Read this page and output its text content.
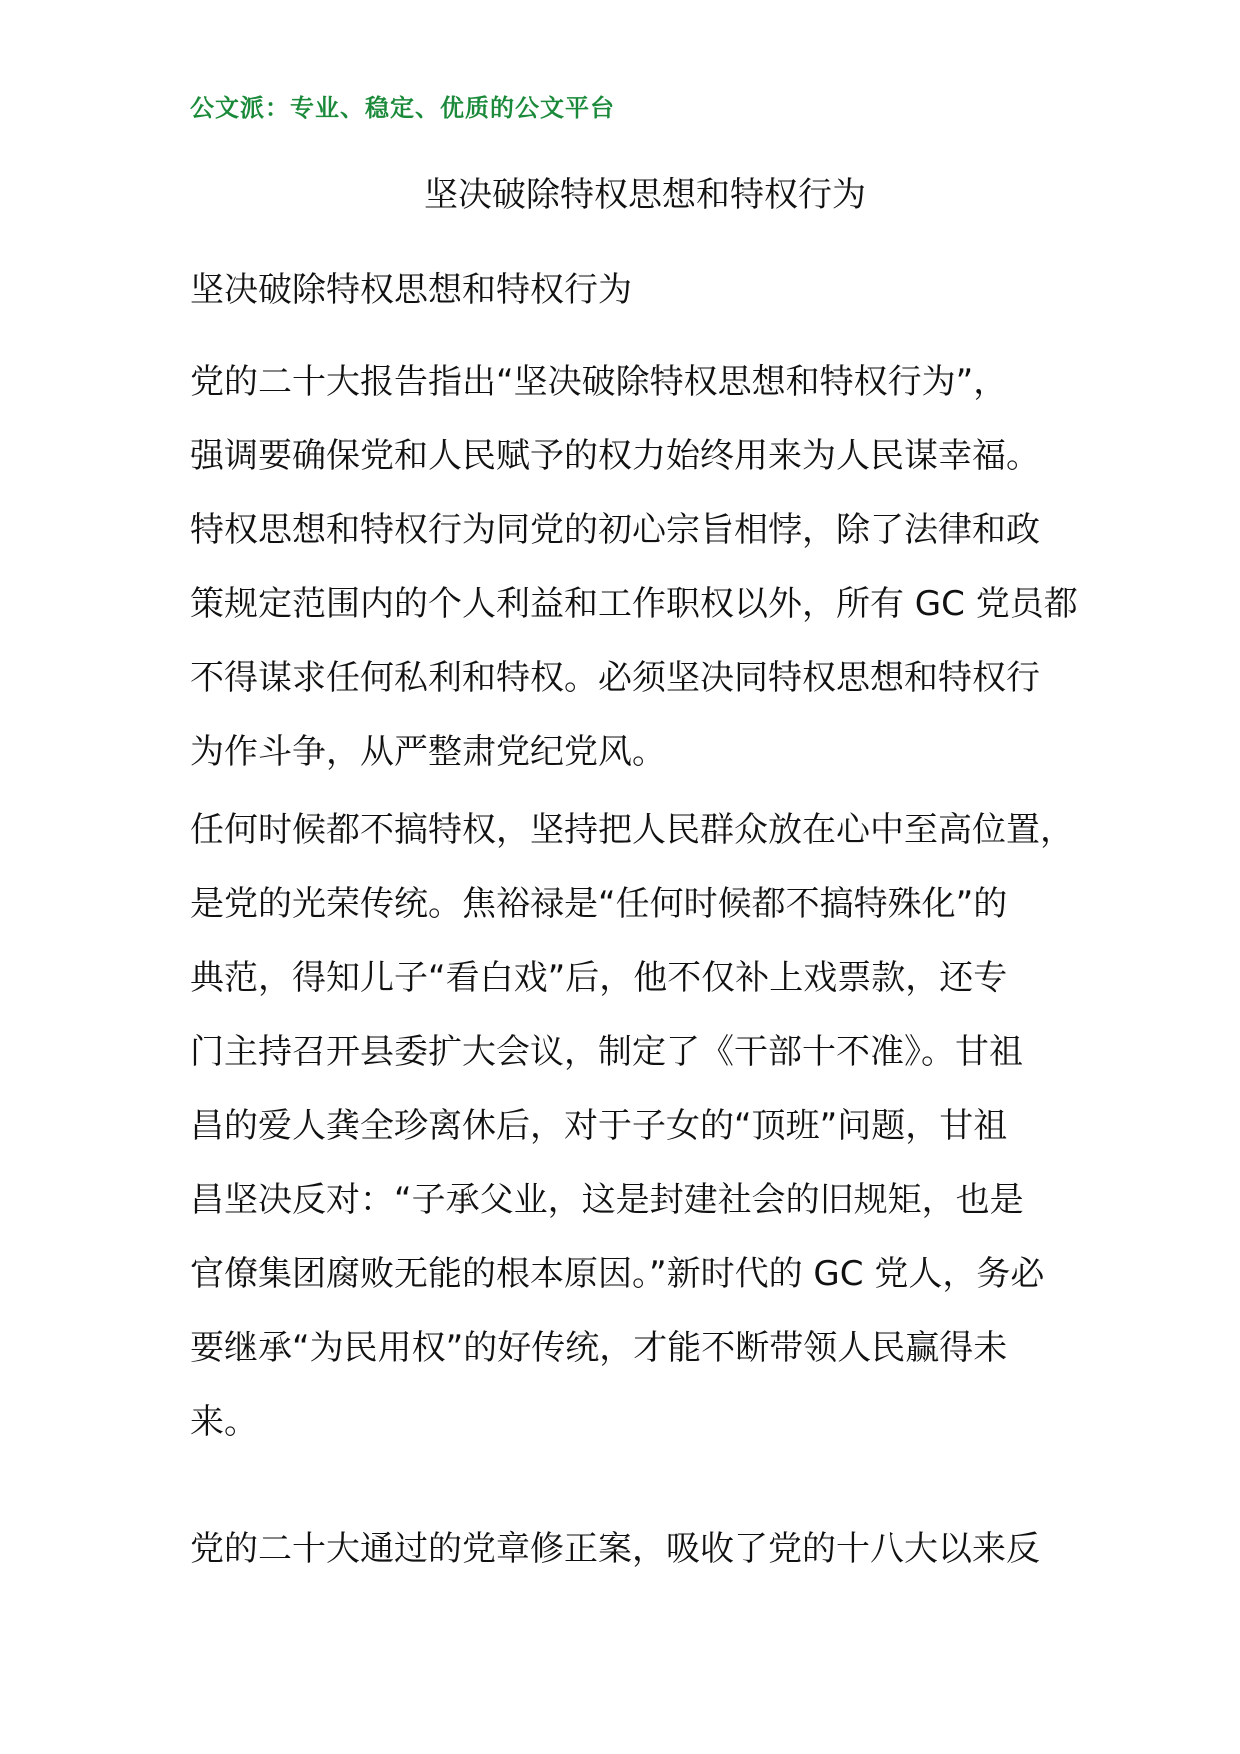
公文派：专业、稳定、优质的公文平台
坚决破除特权思想和特权行为
坚决破除特权思想和特权行为
党的二十大报告指出“坚决破除特权思想和特权行为”，
强调要确保党和人民赋予的权力始终用来为人民谋幸福。
特权思想和特权行为同党的初心宗旨相悖，除了法律和政
策规定范围内的个人利益和工作职权以外，所有 GC 党员都
不得谋求任何私利和特权。必须坚决同特权思想和特权行
为作斗争，从严整肃党纪党风。
任何时候都不搞特权，坚持把人民群众放在心中至高位置，
是党的光荣传统。焦裕禄是“任何时候都不搞特殊化”的
典范，得知儿子“看白戏”后，他不仅补上戏票款，还专
门主持召开县委扩大会议，制定了《干部十不准》。甘祖
昌的爱人龚全珍离休后，对于子女的“顶班”问题，甘祖
昌坚决反对：“子承父业，这是封建社会的旧规矩，也是
官僚集团腐败无能的根本原因。”新时代的 GC 党人，务必
要继承“为民用权”的好传统，才能不断带领人民赢得未
来。
党的二十大通过的党章修正案，吸收了党的十八大以来反
